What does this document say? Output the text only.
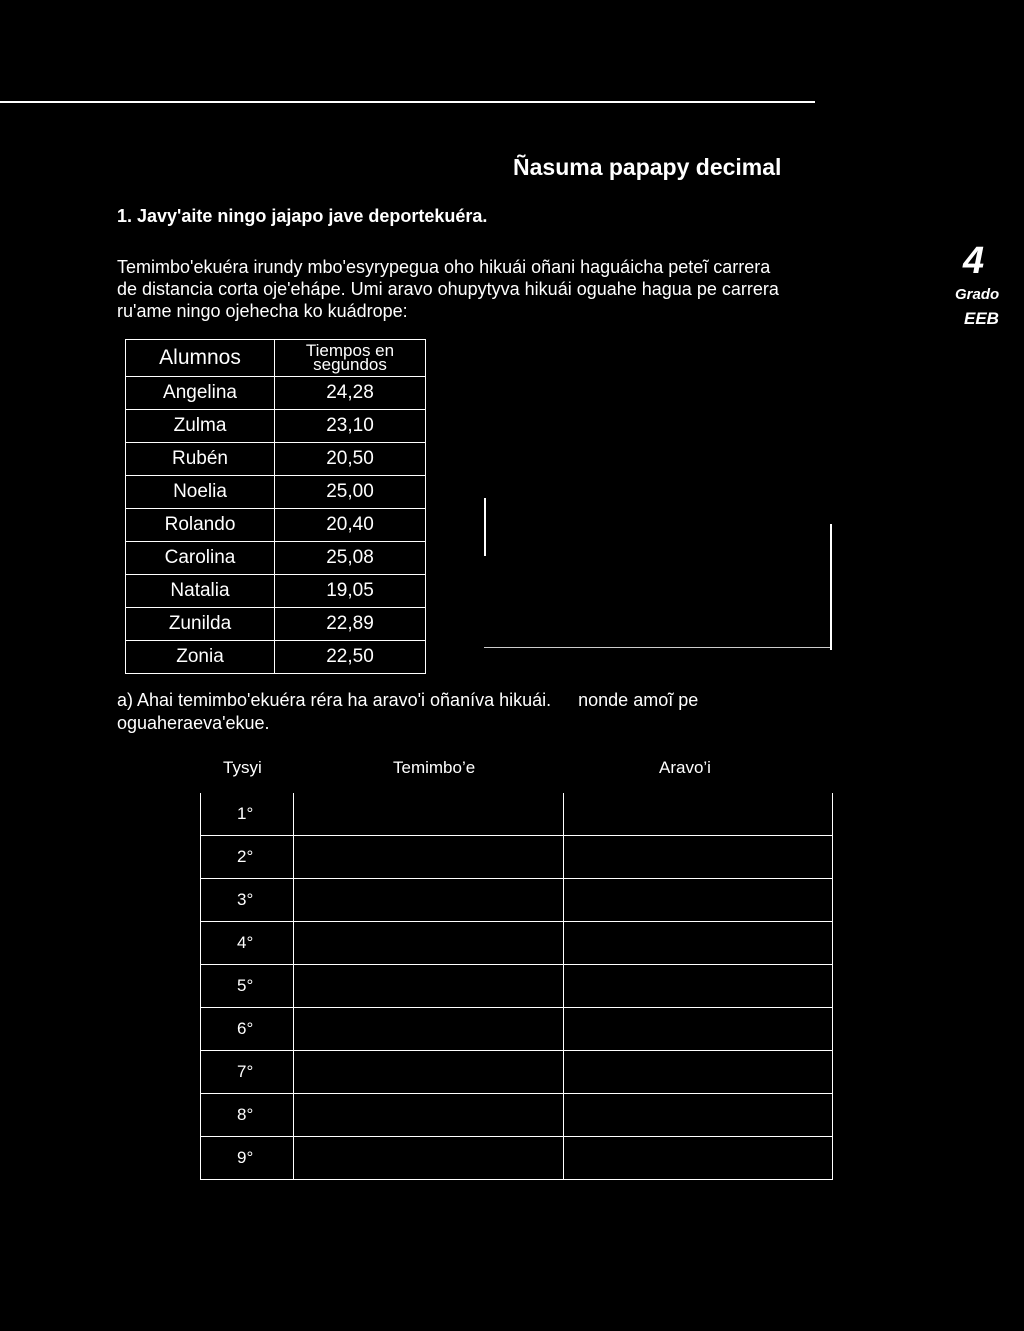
Ñasuma papapy decimal
1. Javy'aite ningo jajapo jave deportekuéra.
Temimbo'ekuéra irundy mbo'esyrypegua oho hikuái oñani haguáicha peteĩ carrera
de distancia corta oje'ehápe. Umi aravo ohupytyva hikuái oguahe hagua pe carrera
ru'ame ningo ojehecha ko kuádrope:
4
Grado
EEB
Alumnos	Tiempos en
segundos
Angelina	24,28
Zulma	23,10
Rubén	20,50
Noelia	25,00
Rolando	20,40
Carolina	25,08
Natalia	19,05
Zunilda	22,89
Zonia	22,50
a) Ahai temimbo'ekuéra réra ha aravo'i oñaníva hikuái. nonde amoĩ pe
oguaheraeva'ekue.
Tysyi	Temimbo’e	Aravo’i
1°		
2°		
3°		
4°		
5°		
6°		
7°		
8°		
9°		
